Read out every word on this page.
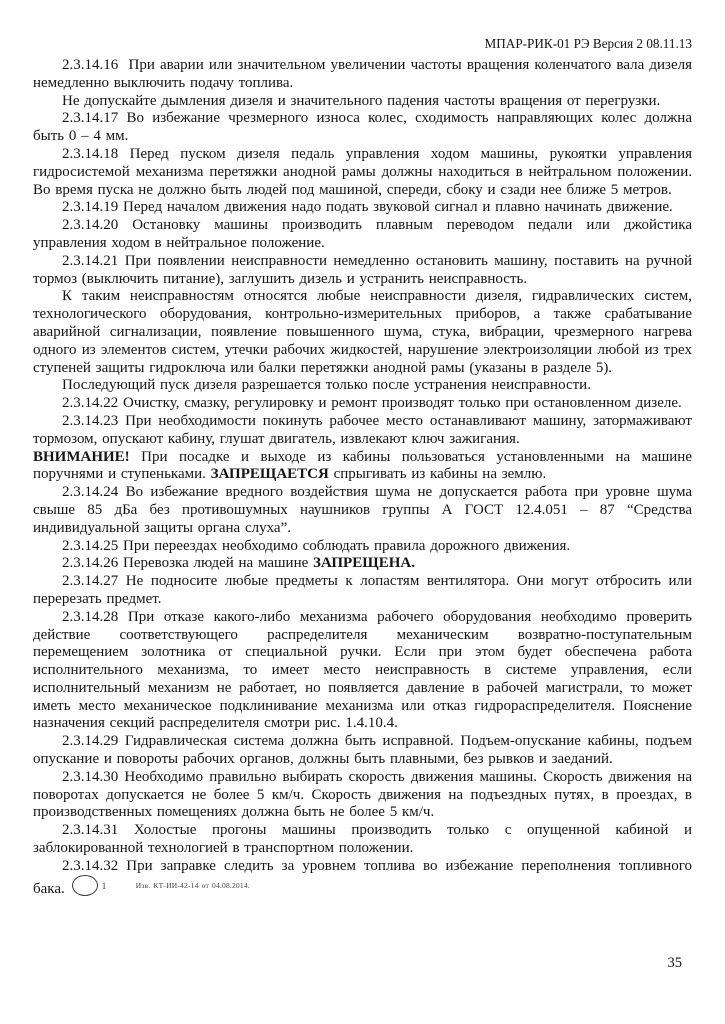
МПАР-РИК-01 РЭ Версия 2 08.11.13

2.3.14.16  При аварии или значительном увеличении частоты вращения коленчатого вала дизеля немедленно выключить подачу топлива.

Не допускайте дымления дизеля и значительного падения частоты вращения от перегрузки.

2.3.14.17 Во избежание чрезмерного износа колес, сходимость направляющих колес должна быть 0 – 4 мм.

2.3.14.18 Перед пуском дизеля педаль управления ходом машины, рукоятки управления гидросистемой механизма перетяжки анодной рамы должны находиться в нейтральном положении. Во время пуска не должно быть людей под машиной, спереди, сбоку и сзади нее ближе 5 метров.

2.3.14.19 Перед началом движения надо подать звуковой сигнал и плавно начинать движение.

2.3.14.20 Остановку машины производить плавным переводом педали или джойстика управления ходом в нейтральное положение.

2.3.14.21 При появлении неисправности немедленно остановить машину, поставить на ручной тормоз (выключить питание), заглушить дизель и устранить неисправность.

К таким неисправностям относятся любые неисправности дизеля, гидравлических систем, технологического оборудования, контрольно-измерительных приборов, а также срабатывание аварийной сигнализации, появление повышенного шума, стука, вибрации, чрезмерного нагрева одного из элементов систем, утечки рабочих жидкостей, нарушение электроизоляции любой из трех ступеней защиты гидроключа или балки перетяжки анодной рамы (указаны в разделе 5).

Последующий пуск дизеля разрешается только после устранения неисправности.

2.3.14.22 Очистку, смазку, регулировку и ремонт производят только при остановленном дизеле.

2.3.14.23 При необходимости покинуть рабочее место останавливают машину, затормаживают тормозом, опускают кабину, глушат двигатель, извлекают ключ зажигания.

ВНИМАНИЕ! При посадке и выходе из кабины пользоваться установленными на машине поручнями и ступеньками. ЗАПРЕЩАЕТСЯ спрыгивать из кабины на землю.

2.3.14.24 Во избежание вредного воздействия шума не допускается работа при уровне шума свыше 85 дБа без противошумных наушников группы А ГОСТ 12.4.051 – 87 “Средства индивидуальной защиты органа слуха”.

2.3.14.25 При переездах необходимо соблюдать правила дорожного движения.

2.3.14.26 Перевозка людей на машине ЗАПРЕЩЕНА.

2.3.14.27 Не подносите любые предметы к лопастям вентилятора. Они могут отбросить или перерезать предмет.

2.3.14.28 При отказе какого-либо механизма рабочего оборудования необходимо проверить действие соответствующего распределителя механическим возвратно-поступательным перемещением золотника от специальной ручки. Если при этом будет обеспечена работа исполнительного механизма, то имеет место неисправность в системе управления, если исполнительный механизм не работает, но появляется давление в рабочей магистрали, то может иметь место механическое подклинивание механизма или отказ гидрораспределителя. Пояснение назначения секций распределителя смотри рис. 1.4.10.4.

2.3.14.29 Гидравлическая система должна быть исправной. Подъем-опускание кабины, подъем опускание и повороты рабочих органов, должны быть плавными, без рывков и заеданий.

2.3.14.30 Необходимо правильно выбирать скорость движения машины. Скорость движения на поворотах допускается не более 5 км/ч. Скорость движения на подъездных путях, в проездах, в производственных помещениях должна быть не более 5 км/ч.

2.3.14.31 Холостые прогоны машины производить только с опущенной кабиной и заблокированной технологией в транспортном положении.

2.3.14.32 При заправке следить за уровнем топлива во избежание переполнения топливного бака.	1	Изв. КТ-ИИ-42-14 от 04.08.2014.

35
